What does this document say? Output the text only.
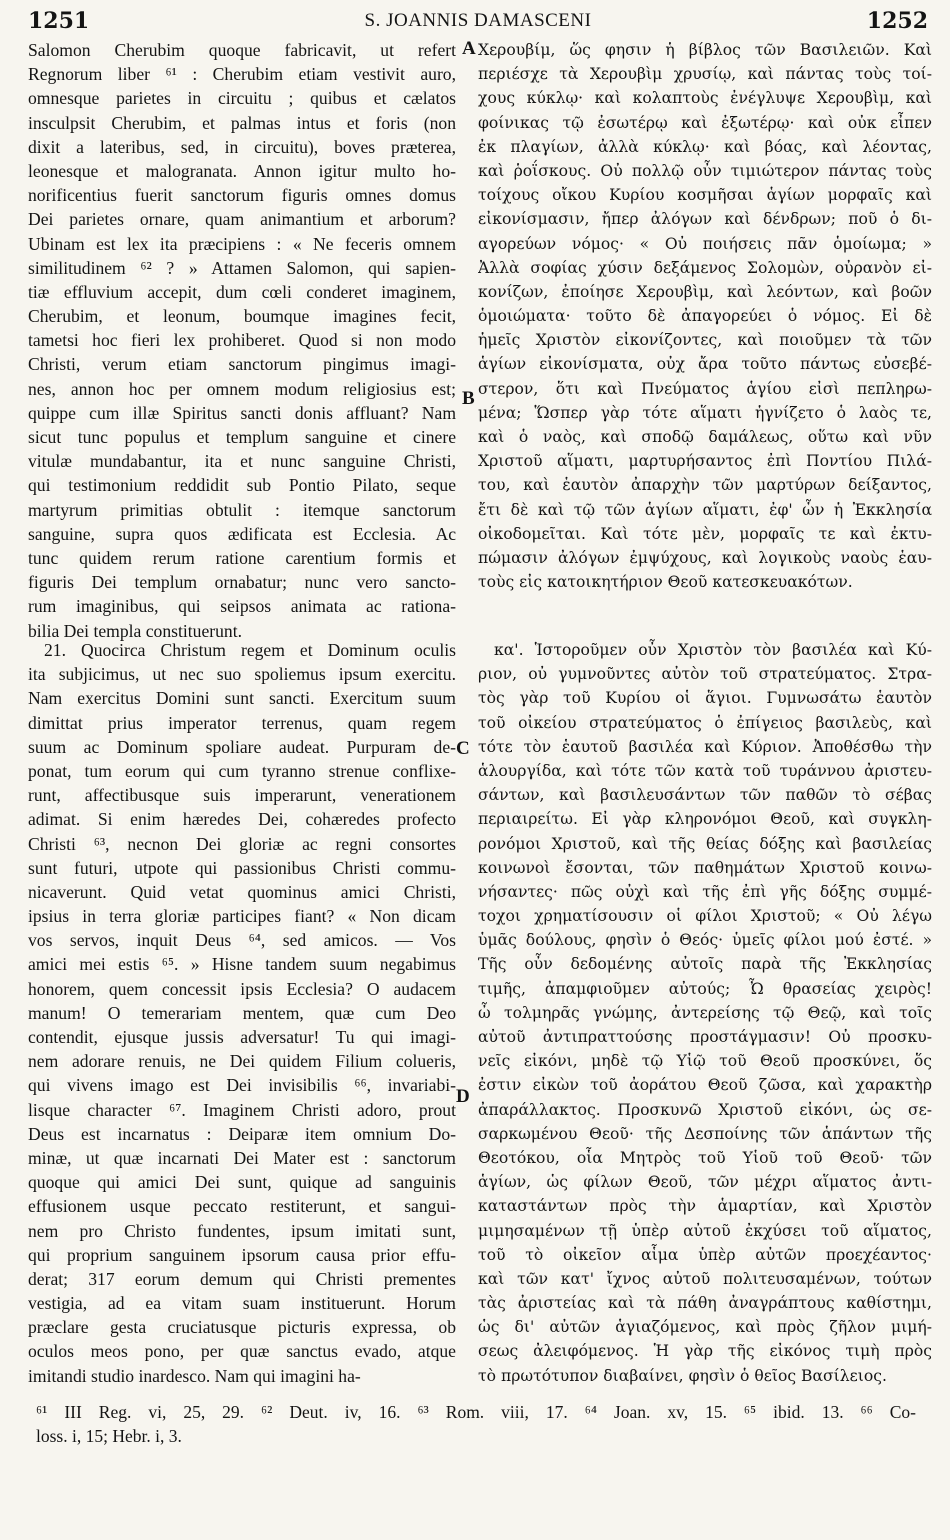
1251	S. JOANNIS DAMASCENI	1252
Salomon Cherubim quoque fabricavit, ut refert
Regnorum liber ⁶¹ : Cherubim etiam vestivit auro,
omnesque parietes in circuitu ; quibus et cælatos
insculpsit Cherubim, et palmas intus et foris (non
dixit a lateribus, sed, in circuitu), boves præterea,
leonesque et malogranata. Annon igitur multo ho-
norificentius fuerit sanctorum figuris omnes domus
Dei parietes ornare, quam animantium et arborum?
Ubinam est lex ita præcipiens : « Ne feceris omnem
similitudinem ⁶² ? » Attamen Salomon, qui sapien-
tiæ effluvium accepit, dum cœli conderet imaginem,
Cherubim, et leonum, boumque imagines fecit,
tametsi hoc fieri lex prohiberet. Quod si non modo
Christi, verum etiam sanctorum pingimus imagi-
nes, annon hoc per omnem modum religiosius est;
quippe cum illæ Spiritus sancti donis affluant? Nam
sicut tunc populus et templum sanguine et cinere
vitulæ mundabantur, ita et nunc sanguine Christi,
qui testimonium reddidit sub Pontio Pilato, seque
martyrum primitias obtulit : itemque sanctorum
sanguine, supra quos ædificata est Ecclesia. Ac
tunc quidem rerum ratione carentium formis et
figuris Dei templum ornabatur; nunc vero sancto-
rum imaginibus, qui seipsos animata ac rationa-
bilia Dei templa constituerunt.
Χερουβίμ, ὥς φησιν ἡ βίβλος τῶν Βασιλειῶν. Καὶ
περιέσχε τὰ Χερουβὶμ χρυσίῳ, καὶ πάντας τοὺς τοί-
χους κύκλῳ· καὶ κολαπτοὺς ἐνέγλυψε Χερουβὶμ, καὶ
φοίνικας τῷ ἐσωτέρῳ καὶ ἐξωτέρῳ· καὶ οὐκ εἶπεν
ἐκ πλαγίων, ἀλλὰ κύκλῳ· καὶ βόας, καὶ λέοντας,
καὶ ῥοΐσκους. Οὐ πολλῷ οὖν τιμιώτερον πάντας τοὺς
τοίχους οἴκου Κυρίου κοσμῆσαι ἁγίων μορφαῖς καὶ
εἰκονίσμασιν, ἤπερ ἀλόγων καὶ δένδρων; ποῦ ὁ δι-
αγορεύων νόμος· « Οὐ ποιήσεις πᾶν ὁμοίωμα; »
Ἀλλὰ σοφίας χύσιν δεξάμενος Σολομὼν, οὐρανὸν εἰ-
κονίζων, ἐποίησε Χερουβὶμ, καὶ λεόντων, καὶ βοῶν
ὁμοιώματα· τοῦτο δὲ ἀπαγορεύει ὁ νόμος. Εἰ δὲ
ἡμεῖς Χριστὸν εἰκονίζοντες, καὶ ποιοῦμεν τὰ τῶν
ἁγίων εἰκονίσματα, οὐχ ἄρα τοῦτο πάντως εὐσεβέ-
στερον, ὅτι καὶ Πνεύματος ἁγίου εἰσὶ πεπληρω-
μένα; Ὥσπερ γὰρ τότε αἵματι ἡγνίζετο ὁ λαὸς τε,
καὶ ὁ ναὸς, καὶ σποδῷ δαμάλεως, οὕτω καὶ νῦν
Χριστοῦ αἵματι, μαρτυρήσαντος ἐπὶ Ποντίου Πιλά-
του, καὶ ἑαυτὸν ἀπαρχὴν τῶν μαρτύρων δείξαντος,
ἔτι δὲ καὶ τῷ τῶν ἁγίων αἵματι, ἐφ' ὧν ἡ Ἐκκλησία
οἰκοδομεῖται. Καὶ τότε μὲν, μορφαῖς τε καὶ ἐκτυ-
πώμασιν ἀλόγων ἐμψύχους, καὶ λογικοὺς ναοὺς ἑαυ-
τοὺς εἰς κατοικητήριον Θεοῦ κατεσκευακότων.
21. Quocirca Christum regem et Dominum oculis
ita subjicimus, ut nec suo spoliemus ipsum exercitu.
Nam exercitus Domini sunt sancti. Exercitum suum
dimittat prius imperator terrenus, quam regem
suum ac Dominum spoliare audeat. Purpuram de-
ponat, tum eorum qui cum tyranno strenue conflixe-
runt, affectibusque suis imperarunt, venerationem
adimat. Si enim hæredes Dei, cohæredes profecto
Christi ⁶³, necnon Dei gloriæ ac regni consortes
sunt futuri, utpote qui passionibus Christi commu-
nicaverunt. Quid vetat quominus amici Christi,
ipsius in terra gloriæ participes fiant? « Non dicam
vos servos, inquit Deus ⁶⁴, sed amicos. — Vos
amici mei estis ⁶⁵. » Hisne tandem suum negabimus
honorem, quem concessit ipsis Ecclesia? O audacem
manum! O temerariam mentem, quæ cum Deo
contendit, ejusque jussis adversatur! Tu qui imagi-
nem adorare renuis, ne Dei quidem Filium colueris,
qui vivens imago est Dei invisibilis ⁶⁶, invariabi-
lisque character ⁶⁷. Imaginem Christi adoro, prout
Deus est incarnatus : Deiparæ item omnium Do-
minæ, ut quæ incarnati Dei Mater est : sanctorum
quoque qui amici Dei sunt, quique ad sanguinis
effusionem usque peccato restiterunt, et sangui-
nem pro Christo fundentes, ipsum imitati sunt,
qui proprium sanguinem ipsorum causa prior effu-
derat; 317 eorum demum qui Christi prementes
vestigia, ad ea vitam suam instituerunt. Horum
præclare gesta cruciatusque picturis expressa, ob
oculos meos pono, per quæ sanctus evado, atque
imitandi studio inardesco. Nam qui imagini ha-
κα'. Ἱστοροῦμεν οὖν Χριστὸν τὸν βασιλέα καὶ Κύ-
ριον, οὐ γυμνοῦντες αὐτὸν τοῦ στρατεύματος. Στρα-
τὸς γὰρ τοῦ Κυρίου οἱ ἅγιοι. Γυμνωσάτω ἑαυτὸν
τοῦ οἰκείου στρατεύματος ὁ ἐπίγειος βασιλεὺς, καὶ
τότε τὸν ἑαυτοῦ βασιλέα καὶ Κύριον. Ἀποθέσθω τὴν
ἁλουργίδα, καὶ τότε τῶν κατὰ τοῦ τυράννου ἀριστευ-
σάντων, καὶ βασιλευσάντων τῶν παθῶν τὸ σέβας
περιαιρείτω. Εἰ γὰρ κληρονόμοι Θεοῦ, καὶ συγκλη-
ρονόμοι Χριστοῦ, καὶ τῆς θείας δόξης καὶ βασιλείας
κοινωνοὶ ἔσονται, τῶν παθημάτων Χριστοῦ κοινω-
νήσαντες· πῶς οὐχὶ καὶ τῆς ἐπὶ γῆς δόξης συμμέ-
τοχοι χρηματίσουσιν οἱ φίλοι Χριστοῦ; « Οὐ λέγω
ὑμᾶς δούλους, φησὶν ὁ Θεός· ὑμεῖς φίλοι μού ἐστέ. »
Τῆς οὖν δεδομένης αὐτοῖς παρὰ τῆς Ἐκκλησίας
τιμῆς, ἀπαμφιοῦμεν αὐτούς; Ὦ θρασείας χειρὸς!
ὦ τολμηρᾶς γνώμης, ἀντερείσης τῷ Θεῷ, καὶ τοῖς
αὐτοῦ ἀντιπραττούσης προστάγμασιν! Οὐ προσκυ-
νεῖς εἰκόνι, μηδὲ τῷ Υἱῷ τοῦ Θεοῦ προσκύνει, ὅς
ἐστιν εἰκὼν τοῦ ἀοράτου Θεοῦ ζῶσα, καὶ χαρακτὴρ
ἀπαράλλακτος. Προσκυνῶ Χριστοῦ εἰκόνι, ὡς σε-
σαρκωμένου Θεοῦ· τῆς Δεσποίνης τῶν ἁπάντων τῆς
Θεοτόκου, οἷα Μητρὸς τοῦ Υἱοῦ τοῦ Θεοῦ· τῶν
ἁγίων, ὡς φίλων Θεοῦ, τῶν μέχρι αἵματος ἀντι-
καταστάντων πρὸς τὴν ἁμαρτίαν, καὶ Χριστὸν
μιμησαμένων τῇ ὑπὲρ αὐτοῦ ἐκχύσει τοῦ αἵματος,
τοῦ τὸ οἰκεῖον αἷμα ὑπὲρ αὐτῶν προεχέαντος·
καὶ τῶν κατ' ἴχνος αὐτοῦ πολιτευσαμένων, τούτων
τὰς ἀριστείας καὶ τὰ πάθη ἀναγράπτους καθίστημι,
ὡς δι' αὐτῶν ἁγιαζόμενος, καὶ πρὸς ζῆλον μιμή-
σεως ἀλειφόμενος. Ἡ γὰρ τῆς εἰκόνος τιμὴ πρὸς
τὸ πρωτότυπον διαβαίνει, φησὶν ὁ θεῖος Βασίλειος.
A
B
C
D
⁶¹ III Reg. vi, 25, 29. ⁶² Deut. iv, 16. ⁶³ Rom. viii, 17. ⁶⁴ Joan. xv, 15. ⁶⁵ ibid. 13. ⁶⁶ Co-
loss. i, 15; Hebr. i, 3.
